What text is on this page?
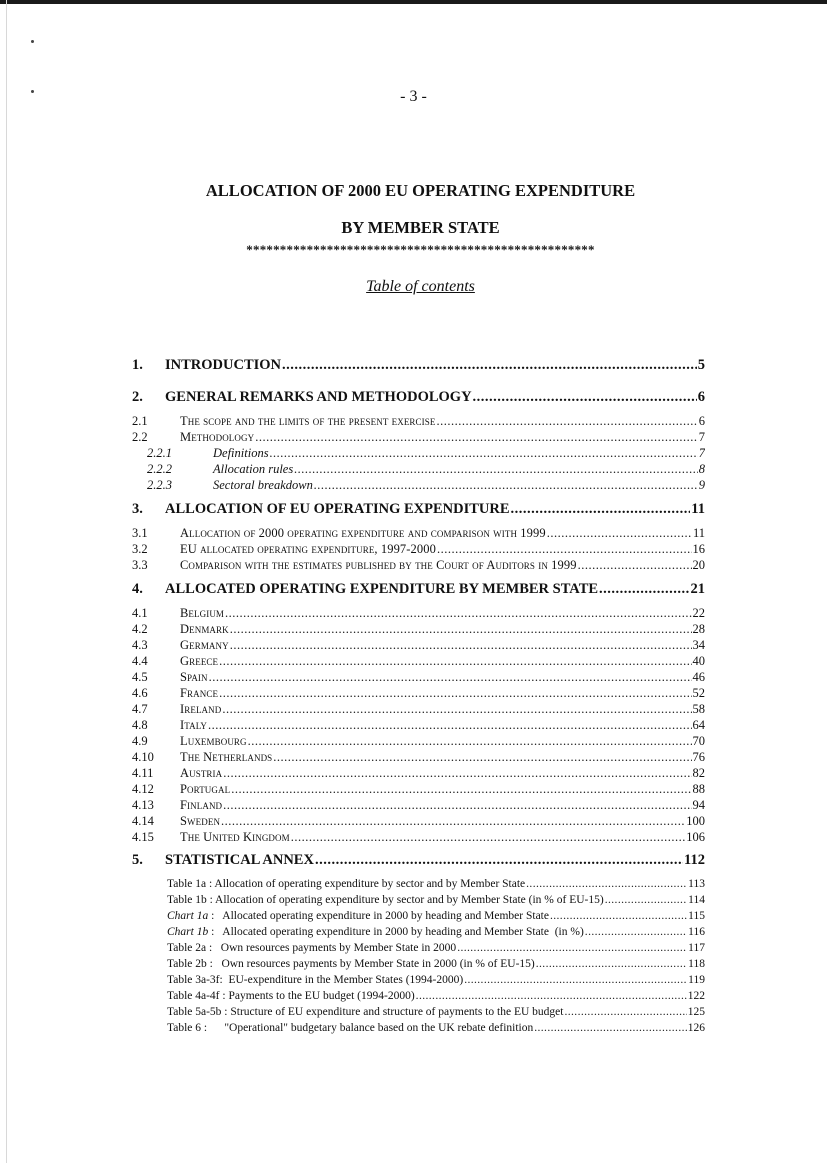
- 3 -
ALLOCATION OF 2000 EU OPERATING EXPENDITURE
BY MEMBER STATE
****************************************************
Table of contents
1.	INTRODUCTION .....	5
2.	GENERAL REMARKS AND METHODOLOGY .....	6
2.1	The scope and the limits of the present exercise .....	6
2.2	Methodology .....	7
2.2.1	Definitions .....	7
2.2.2	Allocation rules .....	8
2.2.3	Sectoral breakdown .....	9
3.	ALLOCATION OF EU OPERATING EXPENDITURE .....	11
3.1	Allocation of 2000 operating expenditure and comparison with 1999 .....	11
3.2	EU allocated operating expenditure, 1997-2000 .....	16
3.3	Comparison with the estimates published by the Court of Auditors in 1999 .....	20
4.	ALLOCATED OPERATING EXPENDITURE BY MEMBER STATE .....	21
4.1	Belgium .....	22
4.2	Denmark .....	28
4.3	Germany .....	34
4.4	Greece .....	40
4.5	Spain .....	46
4.6	France .....	52
4.7	Ireland .....	58
4.8	Italy .....	64
4.9	Luxembourg .....	70
4.10	The Netherlands .....	76
4.11	Austria .....	82
4.12	Portugal .....	88
4.13	Finland .....	94
4.14	Sweden .....	100
4.15	The United Kingdom .....	106
5.	STATISTICAL ANNEX .....	112
Table 1a : Allocation of operating expenditure by sector and by Member State .....	113
Table 1b : Allocation of operating expenditure by sector and by Member State (in % of EU-15) .....	114
Chart 1a :   Allocated operating expenditure in 2000 by heading and Member State .....	115
Chart 1b :   Allocated operating expenditure in 2000 by heading and Member State  (in %) .....	116
Table 2a :   Own resources payments by Member State in 2000 .....	117
Table 2b :   Own resources payments by Member State in 2000 (in % of EU-15) .....	118
Table 3a-3f:  EU-expenditure in the Member States (1994-2000) .....	119
Table 4a-4f : Payments to the EU budget (1994-2000) .....	122
Table 5a-5b : Structure of EU expenditure and structure of payments to the EU budget .....	125
Table 6 :      "Operational" budgetary balance based on the UK rebate definition .....	126
